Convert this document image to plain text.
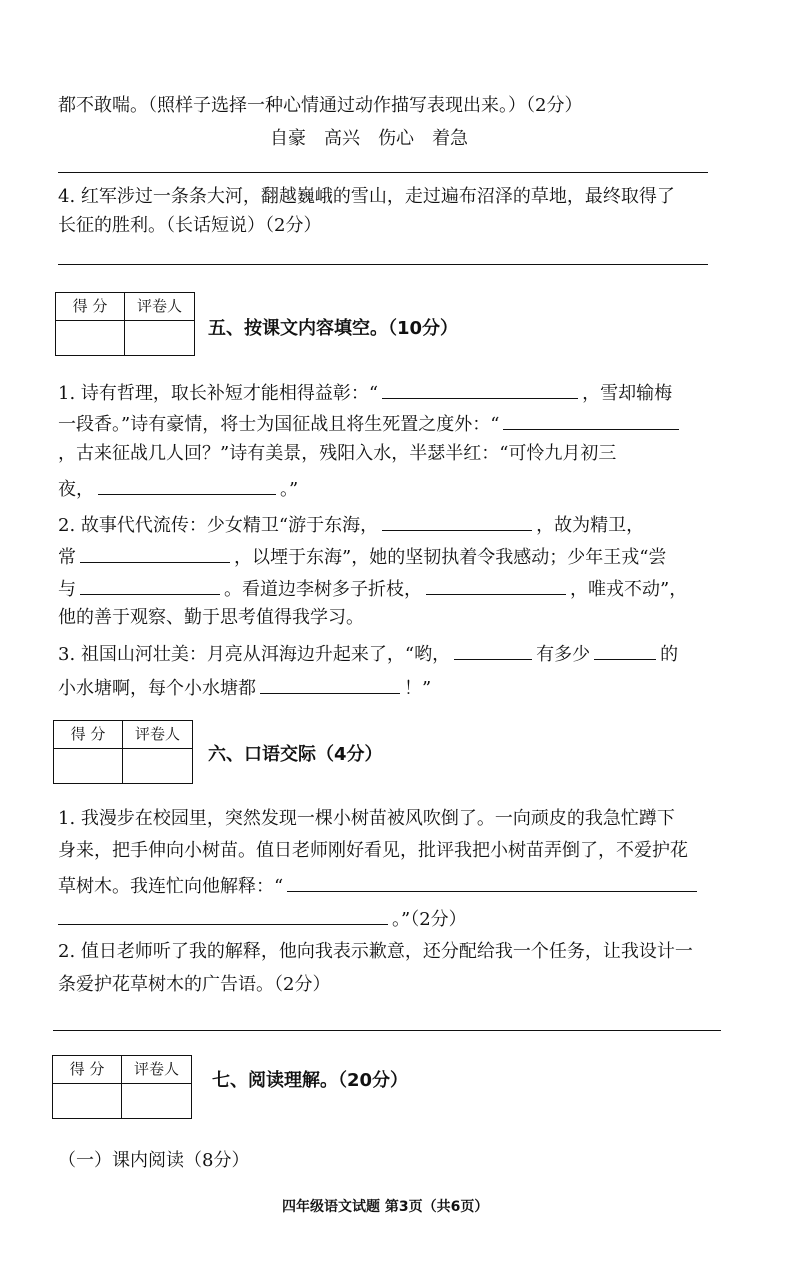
都不敢喘。（照样子选择一种心情通过动作描写表现出来。）（2分）
自豪　高兴　伤心　着急
4. 红军涉过一条条大河，翻越巍峨的雪山，走过遍布沼泽的草地，最终取得了
长征的胜利。（长话短说）（2分）
得 分	评卷人
五、按课文内容填空。（10分）
1. 诗有哲理，取长补短才能相得益彰：“	，雪却输梅
一段香。”诗有豪情，将士为国征战且将生死置之度外：“
，古来征战几人回？”诗有美景，残阳入水，半瑟半红：“可怜九月初三
夜，	。”
2. 故事代代流传：少女精卫“游于东海，	，故为精卫，
常	，以堙于东海”，她的坚韧执着令我感动；少年王戎“尝
与	。看道边李树多子折枝，	，唯戎不动”，
他的善于观察、勤于思考值得我学习。
3. 祖国山河壮美：月亮从洱海边升起来了，“哟，	有多少	的
小水塘啊，每个小水塘都	！”
得 分	评卷人
六、口语交际（4分）
1. 我漫步在校园里，突然发现一棵小树苗被风吹倒了。一向顽皮的我急忙蹲下
身来，把手伸向小树苗。值日老师刚好看见，批评我把小树苗弄倒了，不爱护花
草树木。我连忙向他解释：“
。”（2分）
2. 值日老师听了我的解释，他向我表示歉意，还分配给我一个任务，让我设计一
条爱护花草树木的广告语。（2分）
得 分	评卷人
七、阅读理解。（20分）
（一）课内阅读（8分）
四年级语文试题 第3页（共6页）
